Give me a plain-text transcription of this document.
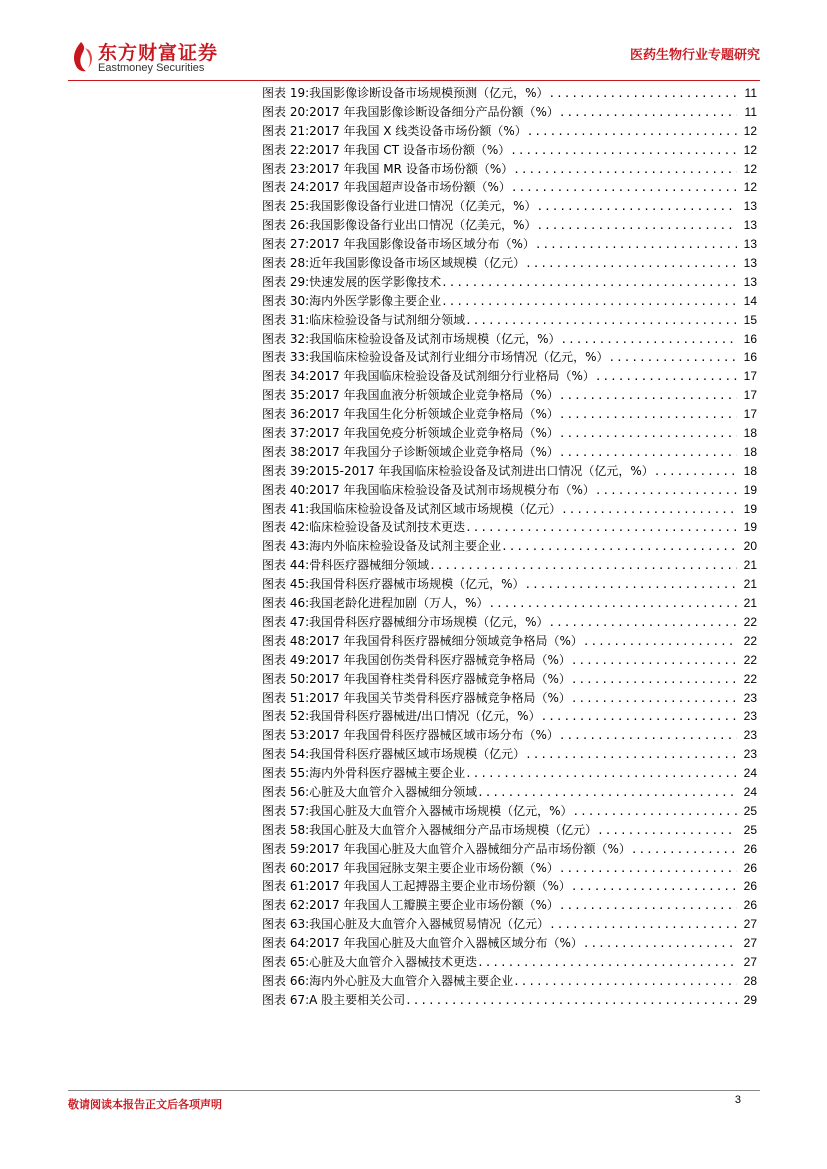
东方财富证券
Eastmoney Securities
医药生物行业专题研究
图表 19: 我国影像诊断设备市场规模预测（亿元，%） .....	11
图表 20: 2017 年我国影像诊断设备细分产品份额（%） .....	11
图表 21: 2017 年我国 X 线类设备市场份额（%） .....	12
图表 22: 2017 年我国 CT 设备市场份额（%） .....	12
图表 23: 2017 年我国 MR 设备市场份额（%） .....	12
图表 24: 2017 年我国超声设备市场份额（%） .....	12
图表 25: 我国影像设备行业进口情况（亿美元，%） .....	13
图表 26: 我国影像设备行业出口情况（亿美元，%） .....	13
图表 27: 2017 年我国影像设备市场区域分布（%） .....	13
图表 28: 近年我国影像设备市场区域规模（亿元） .....	13
图表 29: 快速发展的医学影像技术 .....	13
图表 30: 海内外医学影像主要企业 .....	14
图表 31: 临床检验设备与试剂细分领域 .....	15
图表 32: 我国临床检验设备及试剂市场规模（亿元，%） .....	16
图表 33: 我国临床检验设备及试剂行业细分市场情况（亿元，%） .....	16
图表 34: 2017 年我国临床检验设备及试剂细分行业格局（%） .....	17
图表 35: 2017 年我国血液分析领域企业竞争格局（%） .....	17
图表 36: 2017 年我国生化分析领域企业竞争格局（%） .....	17
图表 37: 2017 年我国免疫分析领域企业竞争格局（%） .....	18
图表 38: 2017 年我国分子诊断领域企业竞争格局（%） .....	18
图表 39: 2015-2017 年我国临床检验设备及试剂进出口情况（亿元，%） .....	18
图表 40: 2017 年我国临床检验设备及试剂市场规模分布（%） .....	19
图表 41: 我国临床检验设备及试剂区域市场规模（亿元） .....	19
图表 42: 临床检验设备及试剂技术更迭 .....	19
图表 43: 海内外临床检验设备及试剂主要企业 .....	20
图表 44: 骨科医疗器械细分领域 .....	21
图表 45: 我国骨科医疗器械市场规模（亿元，%） .....	21
图表 46: 我国老龄化进程加剧（万人，%） .....	21
图表 47: 我国骨科医疗器械细分市场规模（亿元，%） .....	22
图表 48: 2017 年我国骨科医疗器械细分领域竞争格局（%） .....	22
图表 49: 2017 年我国创伤类骨科医疗器械竞争格局（%） .....	22
图表 50: 2017 年我国脊柱类骨科医疗器械竞争格局（%） .....	22
图表 51: 2017 年我国关节类骨科医疗器械竞争格局（%） .....	23
图表 52: 我国骨科医疗器械进/出口情况（亿元，%） .....	23
图表 53: 2017 年我国骨科医疗器械区域市场分布（%） .....	23
图表 54: 我国骨科医疗器械区域市场规模（亿元） .....	23
图表 55: 海内外骨科医疗器械主要企业 .....	24
图表 56: 心脏及大血管介入器械细分领域 .....	24
图表 57: 我国心脏及大血管介入器械市场规模（亿元，%） .....	25
图表 58: 我国心脏及大血管介入器械细分产品市场规模（亿元） .....	25
图表 59: 2017 年我国心脏及大血管介入器械细分产品市场份额（%） .....	26
图表 60: 2017 年我国冠脉支架主要企业市场份额（%） .....	26
图表 61: 2017 年我国人工起搏器主要企业市场份额（%） .....	26
图表 62: 2017 年我国人工瓣膜主要企业市场份额（%） .....	26
图表 63: 我国心脏及大血管介入器械贸易情况（亿元） .....	27
图表 64: 2017 年我国心脏及大血管介入器械区域分布（%） .....	27
图表 65: 心脏及大血管介入器械技术更迭 .....	27
图表 66: 海内外心脏及大血管介入器械主要企业 .....	28
图表 67: A 股主要相关公司 .....	29
敬请阅读本报告正文后各项声明	3
